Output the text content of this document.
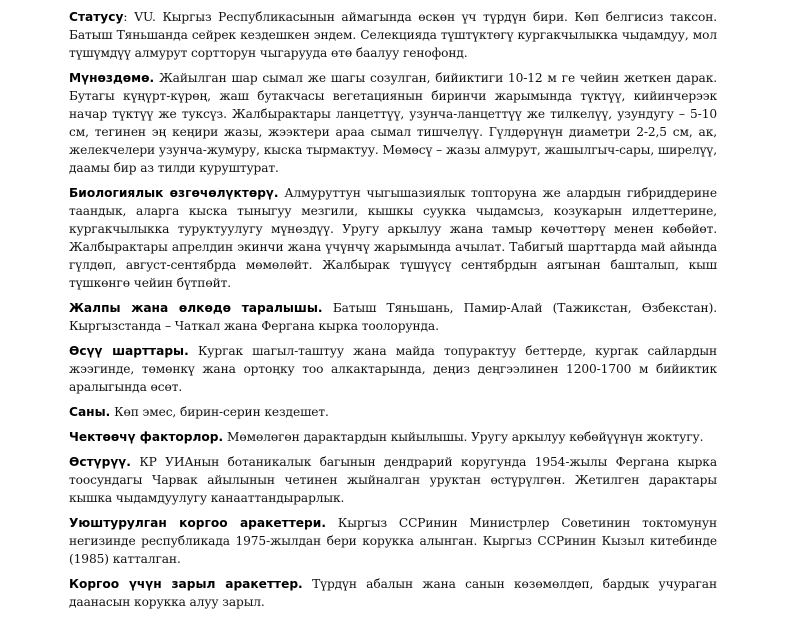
Статусу: VU. Кыргыз Республикасынын аймагында өскөн үч түрдүн бири. Көп белгисиз таксон. Батыш Тяньшанда сейрек кездешкен эндем. Селекцияда түштүктөгү кургакчылыкка чыдамдуу, мол түшүмдүү алмурут сортторун чыгарууда өтө баалуу генофонд.

Мүнөздөмө. Жайылган шар сымал же шагы созулган, бийиктиги 10-12 м ге чейин жеткен дарак. Бутагы күңүрт-күрөң, жаш бутакчасы вегетациянын биринчи жарымында түктүү, кийинчерээк начар түктүү же туксүз. Жалбырактары ланцеттүү, узунча-ланцеттүү же тилкелүү, узундугу – 5-10 см, тегинен эң кеңири жазы, жээктери араа сымал тишчелүү. Гүлдөрүнүн диаметри 2-2,5 см, ак, желекчелери узунча-жумуру, кыска тырмактуу. Мөмөсү – жазы алмурут, жашылгыч-сары, ширелүү, даамы бир аз тилди куруштурат.

Биологиялык өзгөчөлүктөрү. Алмуруттун чыгышазиялык топторуна же алардын гибриддерине таандык, аларга кыска тыныгуу мезгили, кышкы суукка чыдамсыз, козукарын илдеттерине, кургакчылыкка туруктуулугу мүнөздүү. Уругу аркылуу жана тамыр көчөттөрү менен көбөйөт. Жалбырактары апрелдин экинчи жана үчүнчү жарымында ачылат. Табигый шарттарда май айында гүлдөп, август-сентябрда мөмөлөйт. Жалбырак түшүүсү сентябрдын аягынан башталып, кыш түшкөнгө чейин бүтпөйт.

Жалпы жана өлкөдө таралышы. Батыш Тяньшань, Памир-Алай (Тажикстан, Өзбекстан). Кыргызстанда – Чаткал жана Фергана кырка тоолорунда.

Өсүү шарттары. Кургак шагыл-таштуу жана майда топурактуу беттерде, кургак сайлардын жээгинде, төмөнкү жана ортоңку тоо алкактарында, деңиз деңгээлинен 1200-1700 м бийиктик аралыгында өсөт.

Саны. Көп эмес, бирин-серин кездешет.

Чектөөчү факторлор. Мөмөлөгөн дарактардын кыйылышы. Уругу аркылуу көбөйүүнүн жоктугу.

Өстүрүү. КР УИАнын ботаникалык багынын дендрарий коругунда 1954-жылы Фергана кырка тоосундагы Чарвак айылынын четинен жыйналган уруктан өстүрүлгөн. Жетилген дарактары кышка чыдамдуулугу канааттандырарлык.

Уюштурулган коргоо аракеттери. Кыргыз ССРинин Министрлер Советинин токтомунун негизинде республикада 1975-жылдан бери корукка алынган. Кыргыз ССРинин Кызыл китебинде (1985) катталган.

Коргоо үчүн зарыл аракеттер. Түрдүн абалын жана санын көзөмөлдөп, бардык учураган даанасын корукка алуу зарыл.
